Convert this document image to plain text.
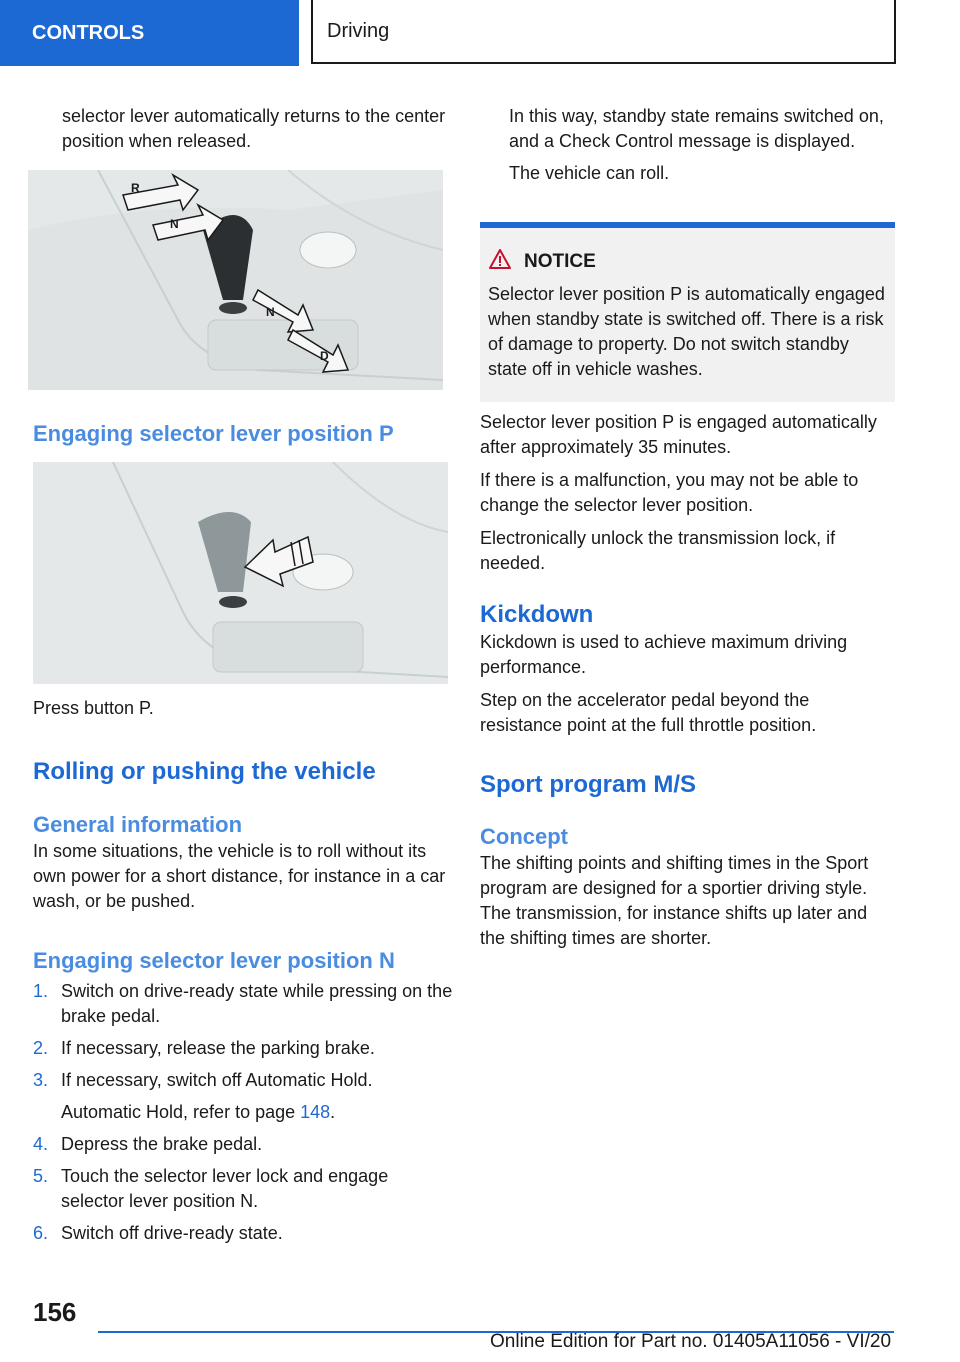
CONTROLS	Driving

selector lever automatically returns to the center position when released.

R
N
N
D
Engaging selector lever position P

Press button P.

Rolling or pushing the vehicle
General information

In some situations, the vehicle is to roll without its own power for a short distance, for instance in a car wash, or be pushed.

Engaging selector lever position N
1. Switch on drive-ready state while pressing on the brake pedal.
2. If necessary, release the parking brake.
3. If necessary, switch off Automatic Hold.
Automatic Hold, refer to page 148.
4. Depress the brake pedal.
5. Touch the selector lever lock and engage selector lever position N.
6. Switch off drive-ready state.

In this way, standby state remains switched on, and a Check Control message is displayed.

The vehicle can roll.

NOTICE

Selector lever position P is automatically engaged when standby state is switched off. There is a risk of damage to property. Do not switch standby state off in vehicle washes.

Selector lever position P is engaged automatically after approximately 35 minutes.

If there is a malfunction, you may not be able to change the selector lever position.

Electronically unlock the transmission lock, if needed.

Kickdown

Kickdown is used to achieve maximum driving performance.

Step on the accelerator pedal beyond the resistance point at the full throttle position.

Sport program M/S
Concept

The shifting points and shifting times in the Sport program are designed for a sportier driving style. The transmission, for instance shifts up later and the shifting times are shorter.

156
Online Edition for Part no. 01405A11056 - VI/20
